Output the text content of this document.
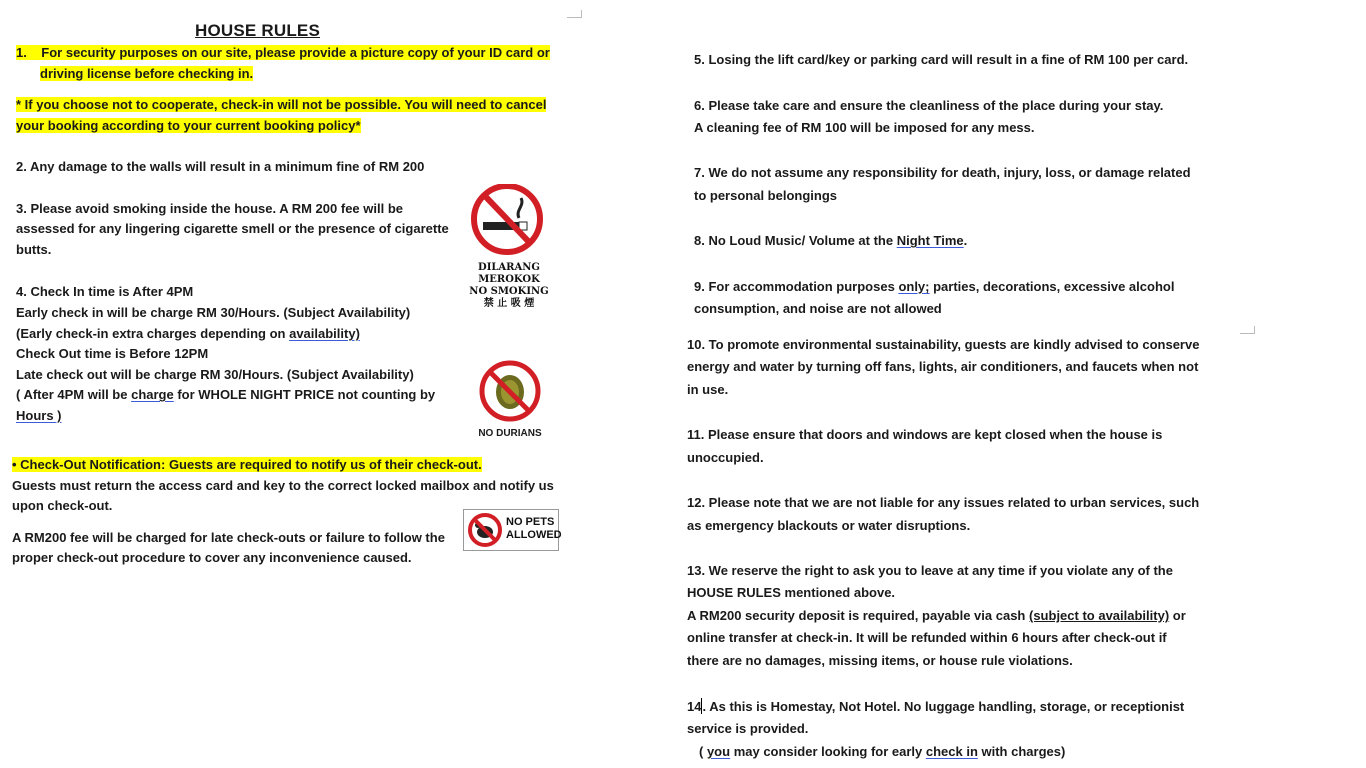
HOUSE RULES
1. For security purposes on our site, please provide a picture copy of your ID card or
driving license before checking in.
* If you choose not to cooperate, check-in will not be possible. You will need to cancel
your booking according to your current booking policy*
2. Any damage to the walls will result in a minimum fine of RM 200
3. Please avoid smoking inside the house. A RM 200 fee will be
assessed for any lingering cigarette smell or the presence of cigarette
butts.
4. Check In time is After 4PM
Early check in will be charge RM 30/Hours. (Subject Availability)
(Early check-in extra charges depending on availability)
Check Out time is Before 12PM
Late check out will be charge RM 30/Hours. (Subject Availability)
( After 4PM will be charge for WHOLE NIGHT PRICE not counting by
Hours )
• Check-Out Notification: Guests are required to notify us of their check-out.
Guests must return the access card and key to the correct locked mailbox and notify us
upon check-out.
A RM200 fee will be charged for late check-outs or failure to follow the
proper check-out procedure to cover any inconvenience caused.
DILARANG MEROKOK
NO SMOKING
禁 止 吸 煙
NO DURIANS
NO PETS
ALLOWED
5. Losing the lift card/key or parking card will result in a fine of RM 100 per card.
6. Please take care and ensure the cleanliness of the place during your stay.
A cleaning fee of RM 100 will be imposed for any mess.
7. We do not assume any responsibility for death, injury, loss, or damage related
to personal belongings
8. No Loud Music/ Volume at the Night Time.
9. For accommodation purposes only; parties, decorations, excessive alcohol
consumption, and noise are not allowed
10. To promote environmental sustainability, guests are kindly advised to conserve
energy and water by turning off fans, lights, air conditioners, and faucets when not
in use.
11. Please ensure that doors and windows are kept closed when the house is
unoccupied.
12. Please note that we are not liable for any issues related to urban services, such
as emergency blackouts or water disruptions.
13. We reserve the right to ask you to leave at any time if you violate any of the
HOUSE RULES mentioned above.
A RM200 security deposit is required, payable via cash (subject to availability) or
online transfer at check-in. It will be refunded within 6 hours after check-out if
there are no damages, missing items, or house rule violations.
14. As this is Homestay, Not Hotel. No luggage handling, storage, or receptionist
service is provided.
( you may consider looking for early check in with charges)
